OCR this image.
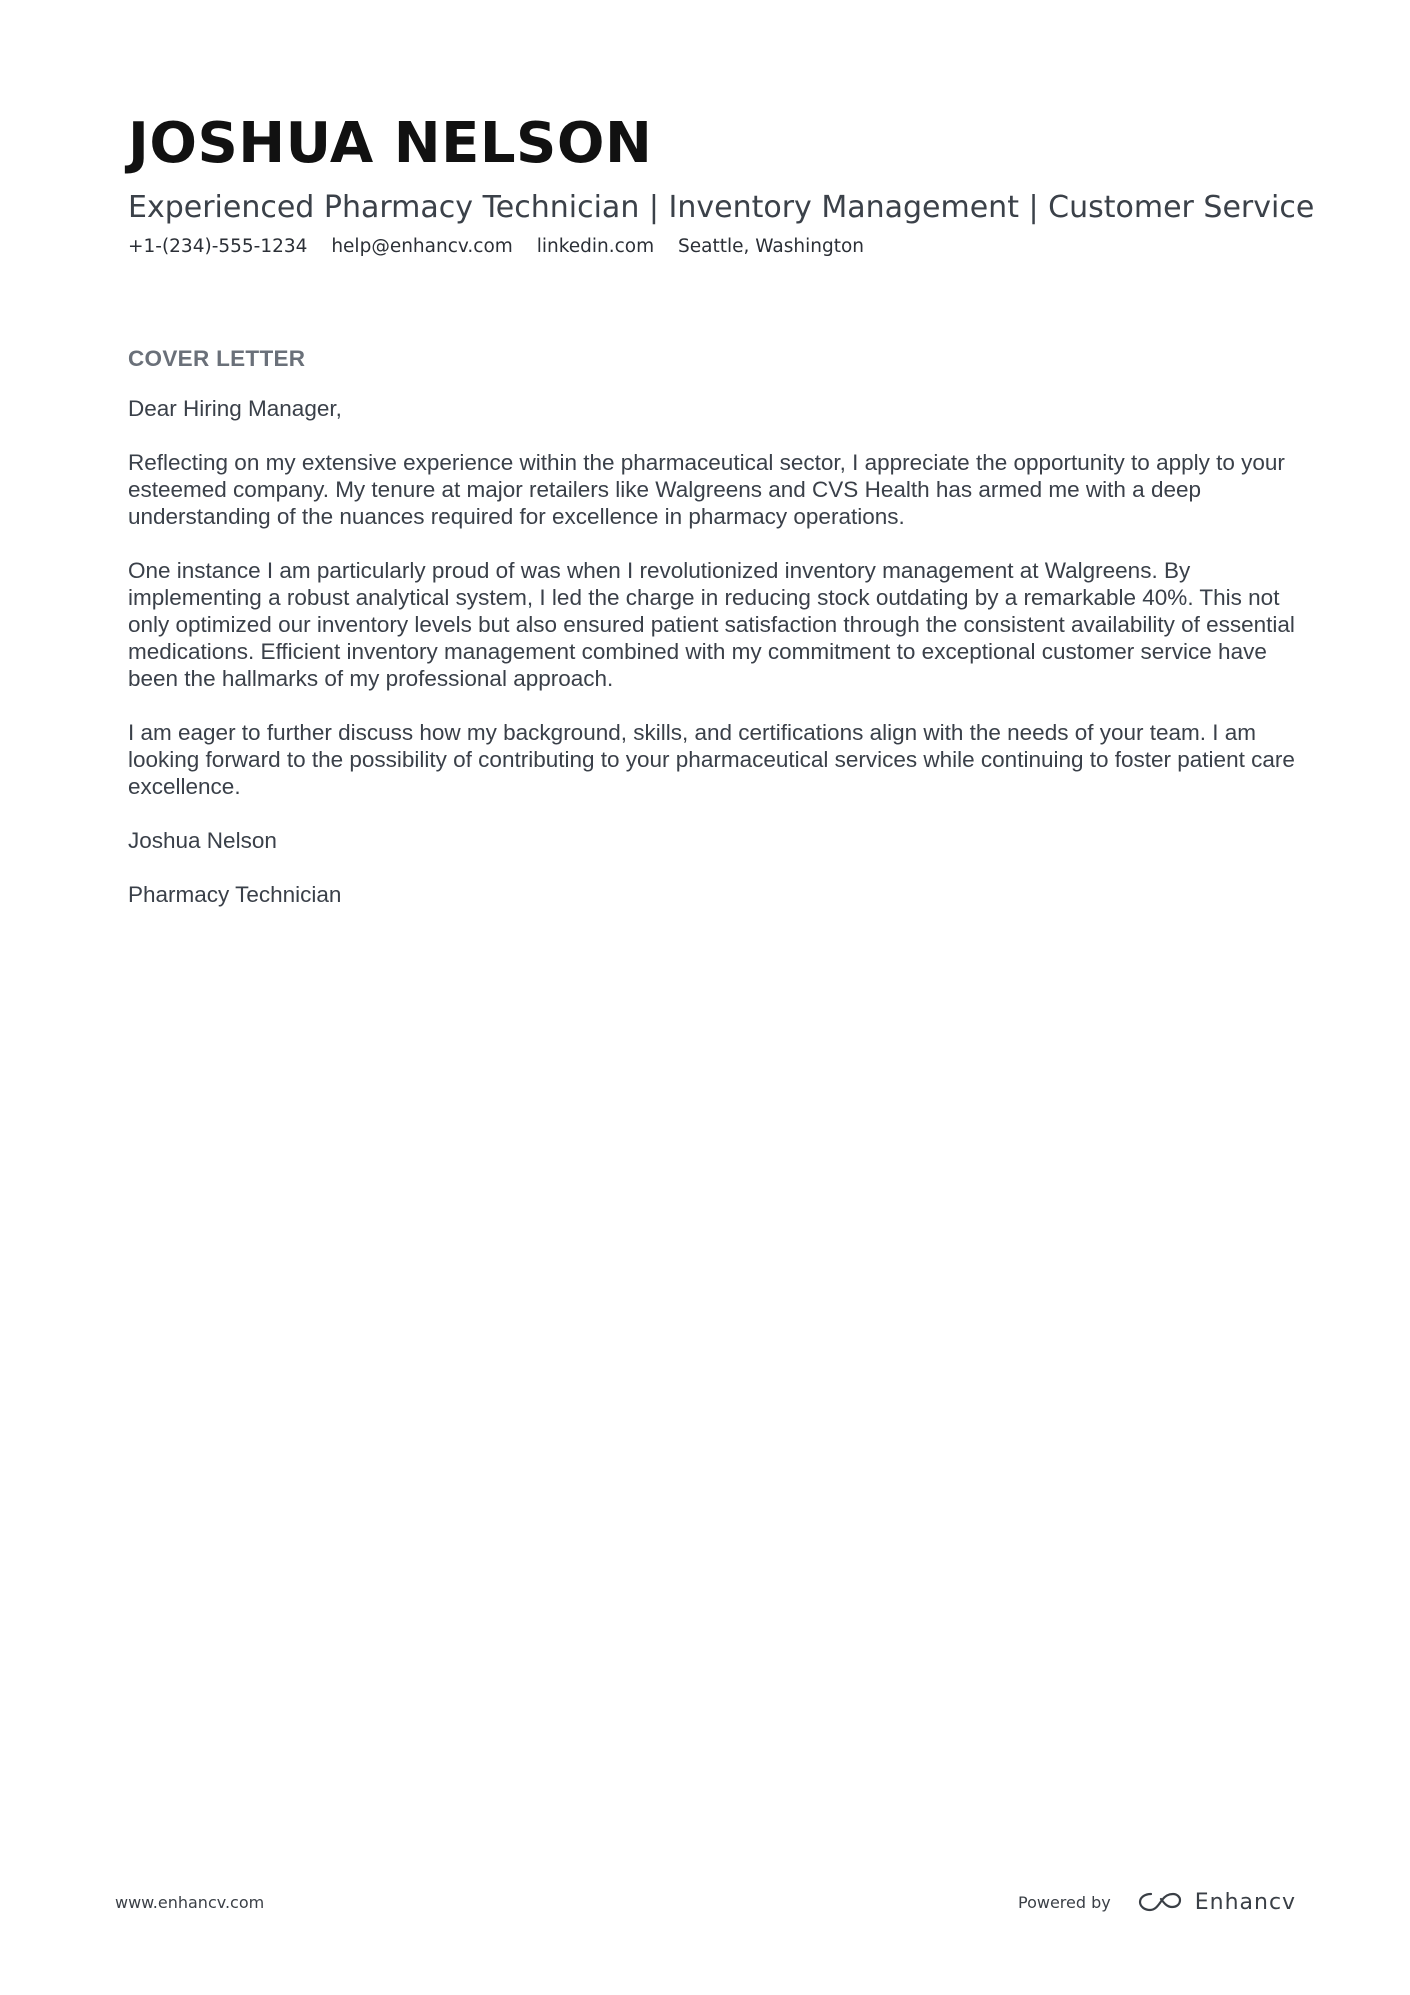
JOSHUA NELSON
Experienced Pharmacy Technician | Inventory Management | Customer Service
+1-(234)-555-1234 help@enhancv.com linkedin.com Seattle, Washington
COVER LETTER

Dear Hiring Manager,

Reflecting on my extensive experience within the pharmaceutical sector, I appreciate the opportunity to apply to your esteemed company. My tenure at major retailers like Walgreens and CVS Health has armed me with a deep understanding of the nuances required for excellence in pharmacy operations.

One instance I am particularly proud of was when I revolutionized inventory management at Walgreens. By implementing a robust analytical system, I led the charge in reducing stock outdating by a remarkable 40%. This not only optimized our inventory levels but also ensured patient satisfaction through the consistent availability of essential medications. Efficient inventory management combined with my commitment to exceptional customer service have been the hallmarks of my professional approach.

I am eager to further discuss how my background, skills, and certifications align with the needs of your team. I am looking forward to the possibility of contributing to your pharmaceutical services while continuing to foster patient care excellence.

Joshua Nelson

Pharmacy Technician

www.enhancv.com	Powered by	Enhancv
